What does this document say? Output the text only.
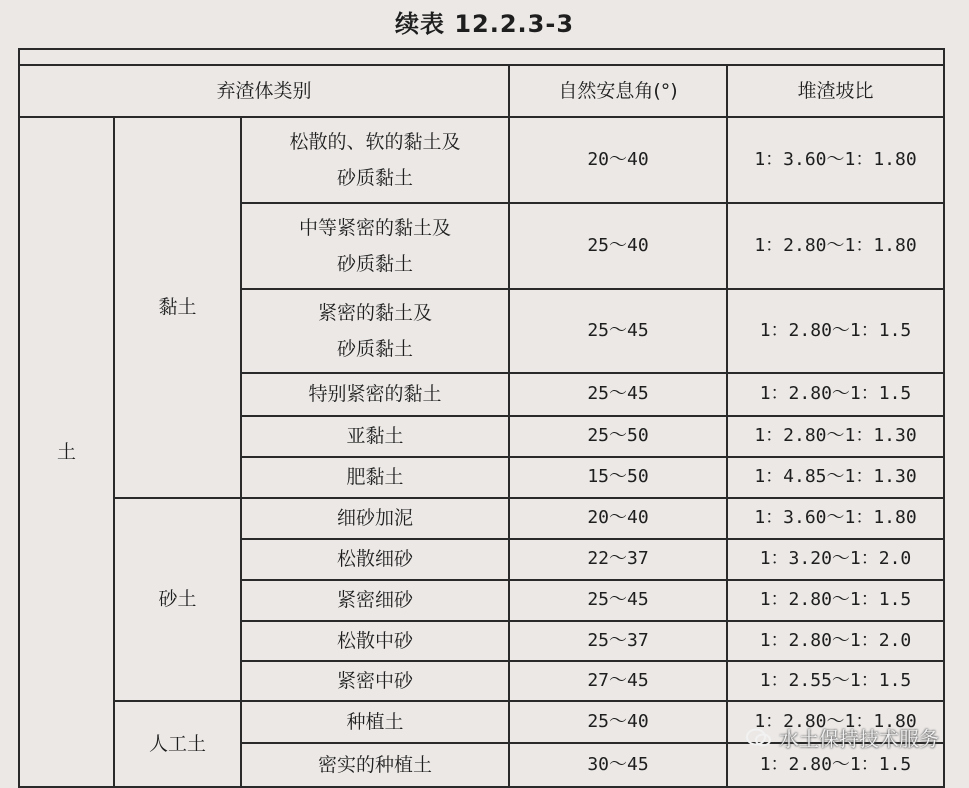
续表 12.2.3-3

弃渣体类别			自然安息角(°)	堆渣坡比
土	黏土	松散的、软的黏土及
砂质黏土	20～40	1：3.60～1：1.80

		中等紧密的黏土及
砂质黏土	25～40	1：2.80～1：1.80

		紧密的黏土及
砂质黏土	25～45	1：2.80～1：1.5
		特别紧密的黏土	25～45	1：2.80～1：1.5
		亚黏土	25～50	1：2.80～1：1.30
		肥黏土	15～50	1：4.85～1：1.30
	砂土	细砂加泥	20～40	1：3.60～1：1.80
		松散细砂	22～37	1：3.20～1：2.0
		紧密细砂	25～45	1：2.80～1：1.5
		松散中砂	25～37	1：2.80～1：2.0
		紧密中砂	27～45	1：2.55～1：1.5
	人工土	种植土	25～40	1：2.80～1：1.80
		密实的种植土	30～45	1：2.80～1：1.5
水土保持技术服务
